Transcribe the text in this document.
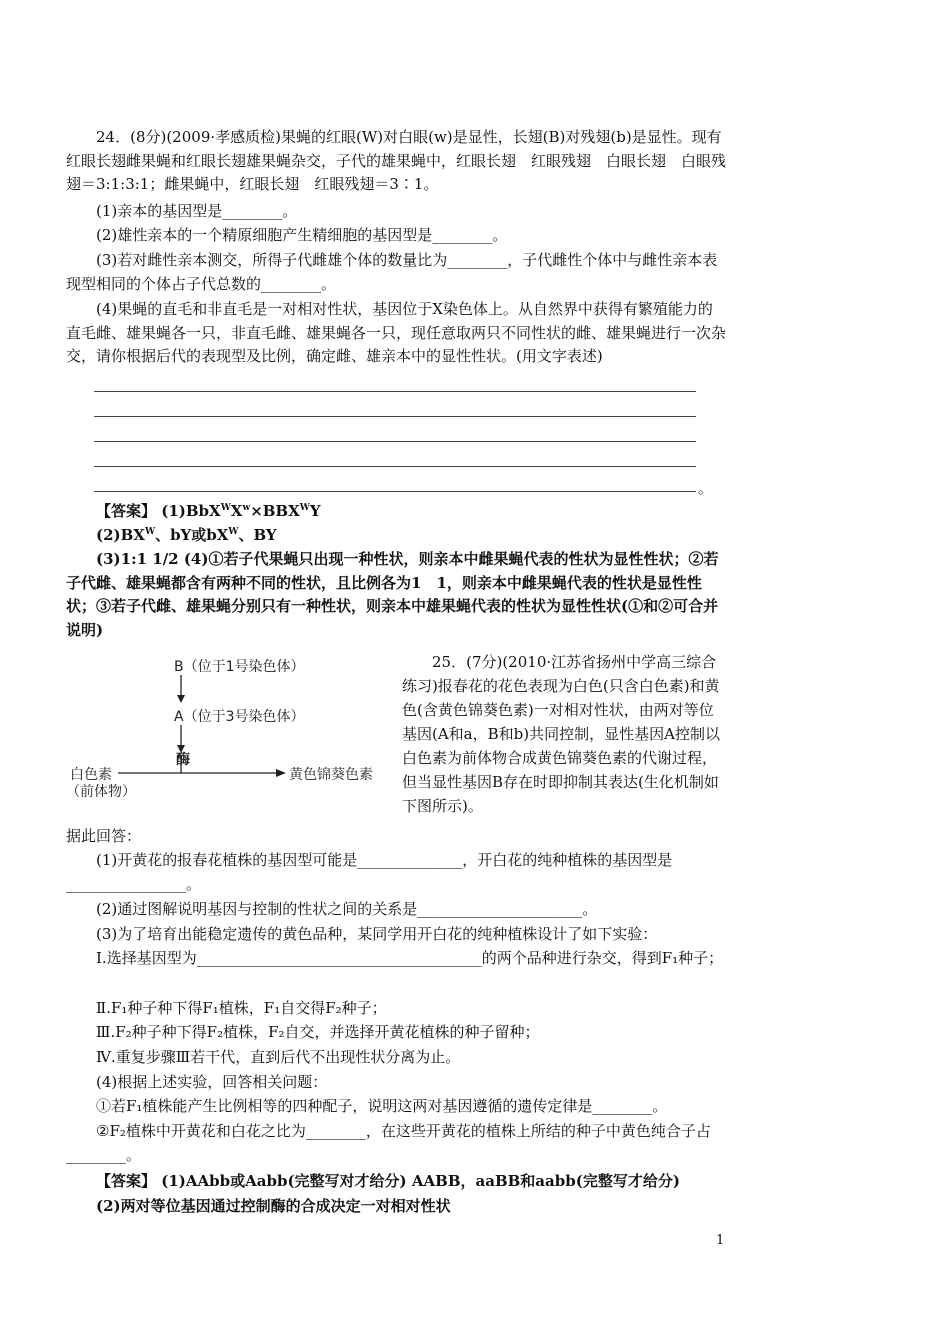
24．(8分)(2009·孝感质检)果蝇的红眼(W)对白眼(w)是显性，长翅(B)对残翅(b)是显性。现有红眼长翅雌果蝇和红眼长翅雄果蝇杂交，子代的雄果蝇中，红眼长翅　红眼残翅　白眼长翅　白眼残翅＝3:1:3:1；雌果蝇中，红眼长翅　红眼残翅＝3∶1。

(1)亲本的基因型是________。

(2)雄性亲本的一个精原细胞产生精细胞的基因型是________。

(3)若对雌性亲本测交，所得子代雌雄个体的数量比为________，子代雌性个体中与雌性亲本表现型相同的个体占子代总数的________。

(4)果蝇的直毛和非直毛是一对相对性状，基因位于X染色体上。从自然界中获得有繁殖能力的直毛雌、雄果蝇各一只，非直毛雌、雄果蝇各一只，现任意取两只不同性状的雌、雄果蝇进行一次杂交，请你根据后代的表现型及比例，确定雌、雄亲本中的显性性状。(用文字表述)

。

【答案】 $(1)BbX^WX^w\times BBX^WY$

$(2)BX^W$、bY或$bX^W$、BY

(3)1:1 1/2 (4)①若子代果蝇只出现一种性状，则亲本中雌果蝇代表的性状为显性性状；②若子代雌、雄果蝇都含有两种不同的性状，且比例各为1　1，则亲本中雌果蝇代表的性状是显性性状；③若子代雌、雄果蝇分别只有一种性状，则亲本中雄果蝇代表的性状为显性性状(①和②可合并说明)

B（位于1号染色体）
A（位于3号染色体）
酶
白色素
（前体物）
黄色锦葵色素

25．(7分)(2010·江苏省扬州中学高三综合练习)报春花的花色表现为白色(只含白色素)和黄色(含黄色锦葵色素)一对相对性状，由两对等位基因(A和a，B和b)共同控制，显性基因A控制以白色素为前体物合成黄色锦葵色素的代谢过程，但当显性基因B存在时即抑制其表达(生化机制如下图所示)。

据此回答：

(1)开黄花的报春花植株的基因型可能是______________，开白花的纯种植株的基因型是________________。

(2)通过图解说明基因与控制的性状之间的关系是______________________。

(3)为了培育出能稳定遗传的黄色品种，某同学用开白花的纯种植株设计了如下实验：

Ⅰ.选择基因型为______________________________________的两个品种进行杂交，得到F₁种子；

Ⅱ.F₁种子种下得F₁植株，F₁自交得F₂种子；

Ⅲ.F₂种子种下得F₂植株，F₂自交，并选择开黄花植株的种子留种；

Ⅳ.重复步骤Ⅲ若干代，直到后代不出现性状分离为止。

(4)根据上述实验，回答相关问题：

①若F₁植株能产生比例相等的四种配子，说明这两对基因遵循的遗传定律是________。

②F₂植株中开黄花和白花之比为________，在这些开黄花的植株上所结的种子中黄色纯合子占________。

【答案】 (1)AAbb或Aabb(完整写对才给分) AABB，aaBB和aabb(完整写才给分)

(2)两对等位基因通过控制酶的合成决定一对相对性状

1
